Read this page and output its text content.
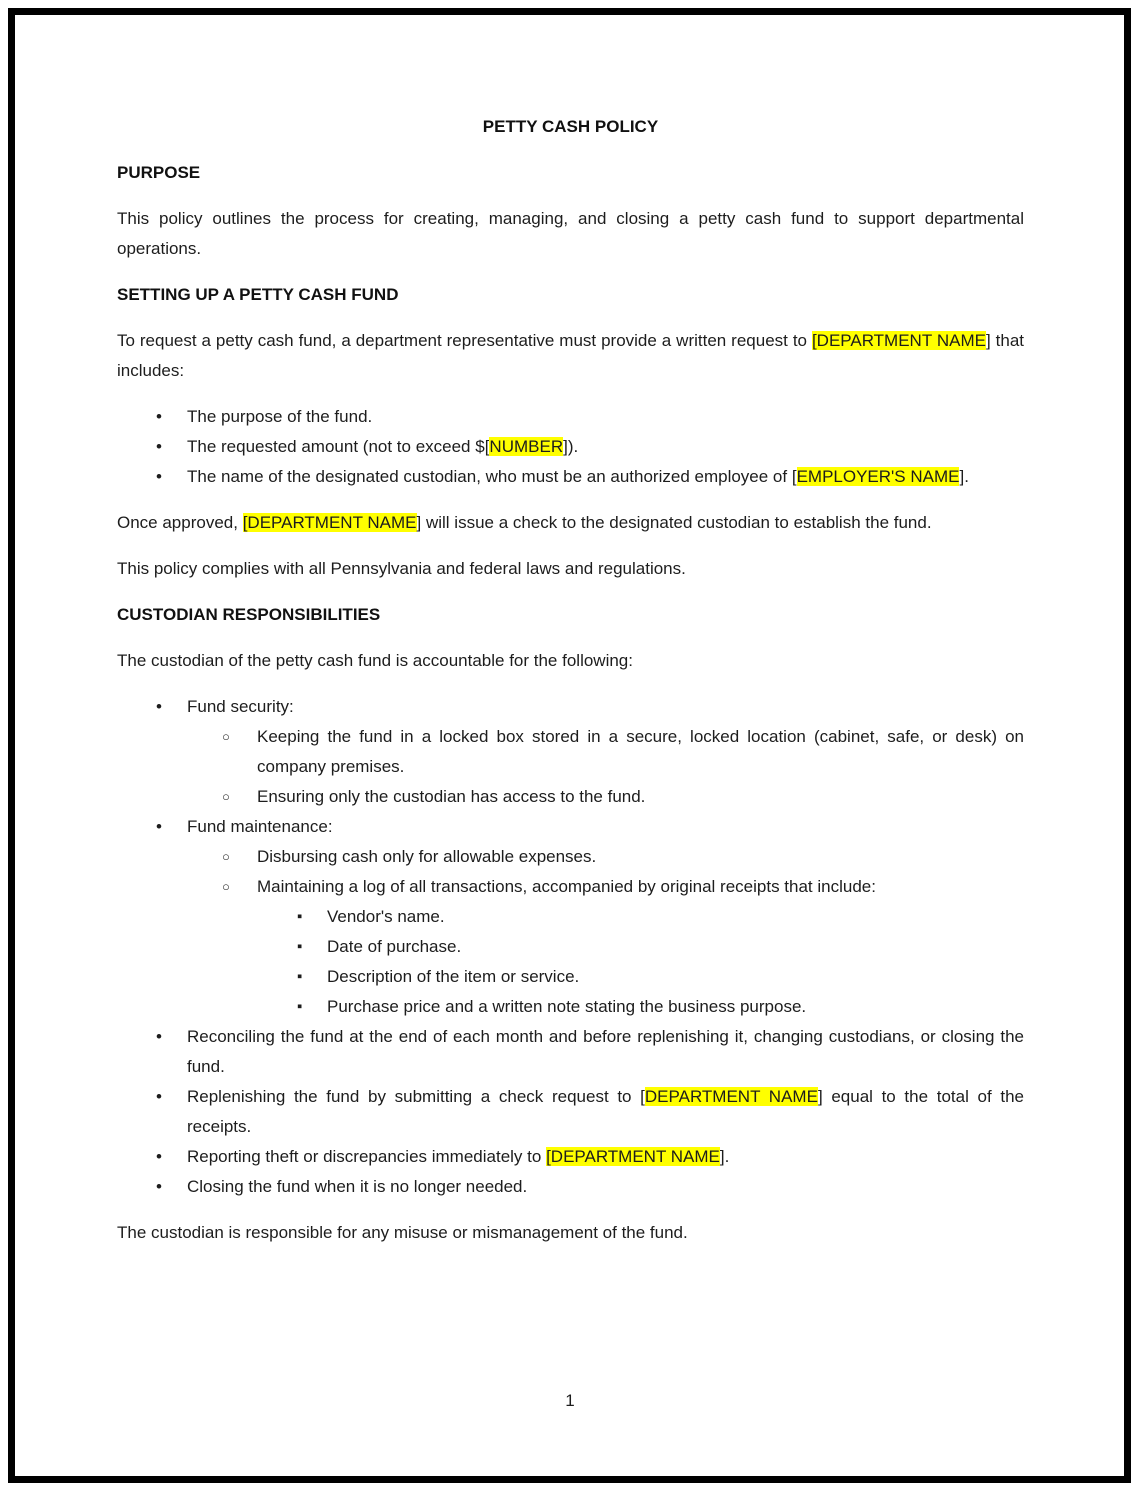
PETTY CASH POLICY
PURPOSE

This policy outlines the process for creating, managing, and closing a petty cash fund to support departmental operations.

SETTING UP A PETTY CASH FUND

To request a petty cash fund, a department representative must provide a written request to [DEPARTMENT NAME] that includes:

• The purpose of the fund.
• The requested amount (not to exceed $[NUMBER]).
• The name of the designated custodian, who must be an authorized employee of [EMPLOYER'S NAME].

Once approved, [DEPARTMENT NAME] will issue a check to the designated custodian to establish the fund.

This policy complies with all Pennsylvania and federal laws and regulations.

CUSTODIAN RESPONSIBILITIES

The custodian of the petty cash fund is accountable for the following:

• Fund security:
○ Keeping the fund in a locked box stored in a secure, locked location (cabinet, safe, or desk) on company premises.
○ Ensuring only the custodian has access to the fund.
• Fund maintenance:
○ Disbursing cash only for allowable expenses.
○ Maintaining a log of all transactions, accompanied by original receipts that include:
▪ Vendor's name.
▪ Date of purchase.
▪ Description of the item or service.
▪ Purchase price and a written note stating the business purpose.
• Reconciling the fund at the end of each month and before replenishing it, changing custodians, or closing the fund.
• Replenishing the fund by submitting a check request to [DEPARTMENT NAME] equal to the total of the receipts.
• Reporting theft or discrepancies immediately to [DEPARTMENT NAME].
• Closing the fund when it is no longer needed.

The custodian is responsible for any misuse or mismanagement of the fund.

1
